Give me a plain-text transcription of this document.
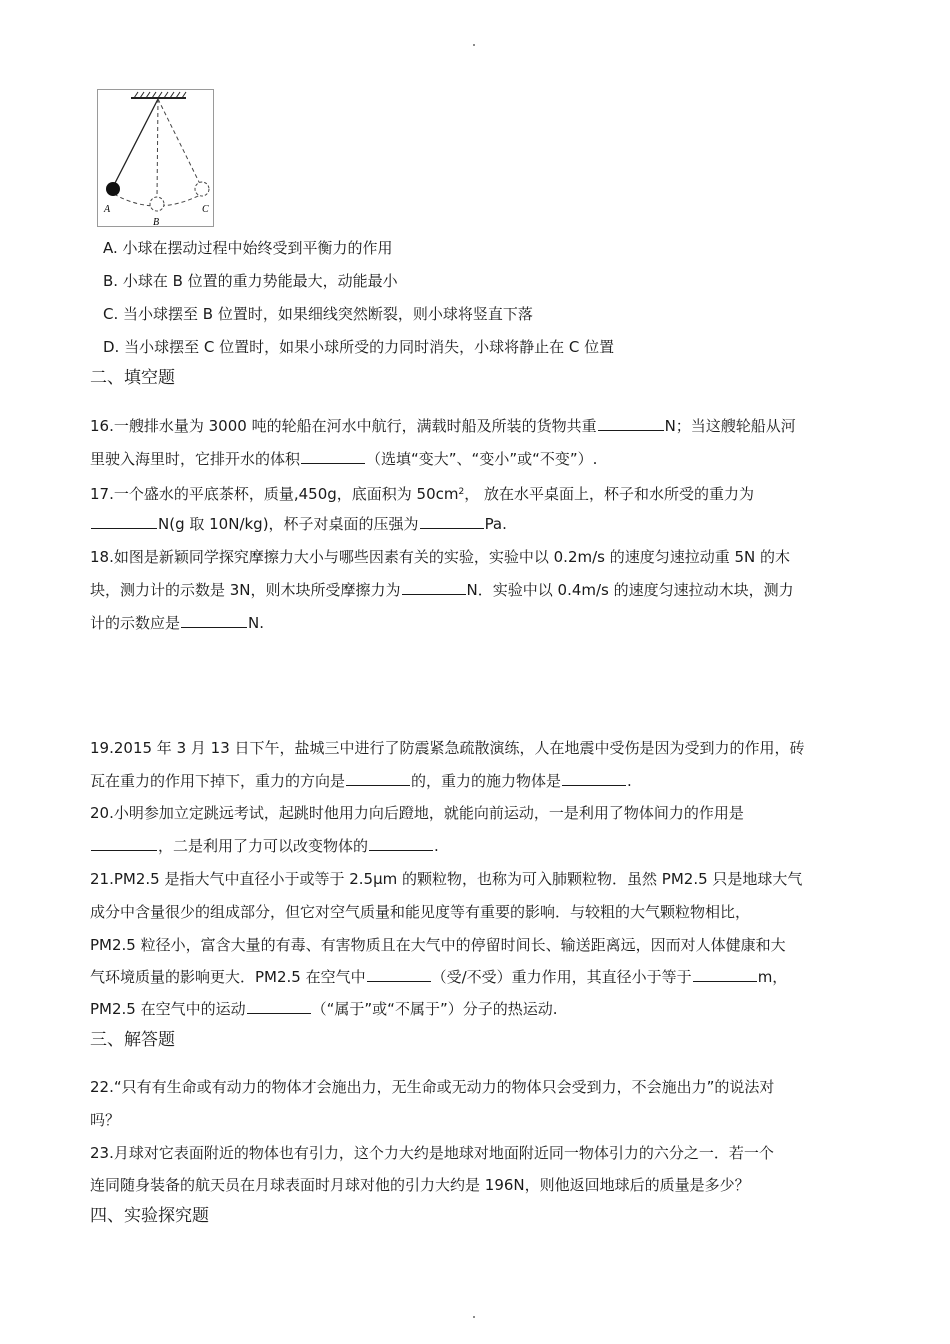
A
B
C
A. 小球在摆动过程中始终受到平衡力的作用
B. 小球在 B 位置的重力势能最大，动能最小
C. 当小球摆至 B 位置时，如果细线突然断裂，则小球将竖直下落
D. 当小球摆至 C 位置时，如果小球所受的力同时消失，小球将静止在 C 位置
二、填空题
16.一艘排水量为 3000 吨的轮船在河水中航行，满载时船及所装的货物共重	N；当这艘轮船从河
里驶入海里时，它排开水的体积	（选填“变大”、“变小”或“不变”）.
17.一个盛水的平底茶杯，质量,450g，底面积为 $50cm^2$， 放在水平桌面上，杯子和水所受的重力为
N(g 取 10N/kg)，杯子对桌面的压强为	Pa.
18.如图是新颖同学探究摩擦力大小与哪些因素有关的实验，实验中以 0.2m/s 的速度匀速拉动重 5N 的木
块，测力计的示数是 3N，则木块所受摩擦力为	N．实验中以 0.4m/s 的速度匀速拉动木块，测力
计的示数应是	N.
19.2015 年 3 月 13 日下午，盐城三中进行了防震紧急疏散演练，人在地震中受伤是因为受到力的作用，砖
瓦在重力的作用下掉下，重力的方向是	的，重力的施力物体是	.
20.小明参加立定跳远考试，起跳时他用力向后蹬地，就能向前运动，一是利用了物体间力的作用是
，二是利用了力可以改变物体的	.
21.PM2.5 是指大气中直径小于或等于 2.5μm 的颗粒物，也称为可入肺颗粒物．虽然 PM2.5 只是地球大气
成分中含量很少的组成部分，但它对空气质量和能见度等有重要的影响．与较粗的大气颗粒物相比，
PM2.5 粒径小，富含大量的有毒、有害物质且在大气中的停留时间长、输送距离远，因而对人体健康和大
气环境质量的影响更大．PM2.5 在空气中	（受/不受）重力作用，其直径小于等于	m，
PM2.5 在空气中的运动	（“属于”或“不属于”）分子的热运动.
三、解答题
22.“只有有生命或有动力的物体才会施出力，无生命或无动力的物体只会受到力，不会施出力”的说法对
吗？
23.月球对它表面附近的物体也有引力，这个力大约是地球对地面附近同一物体引力的六分之一．若一个
连同随身装备的航天员在月球表面时月球对他的引力大约是 196N，则他返回地球后的质量是多少？
四、实验探究题
